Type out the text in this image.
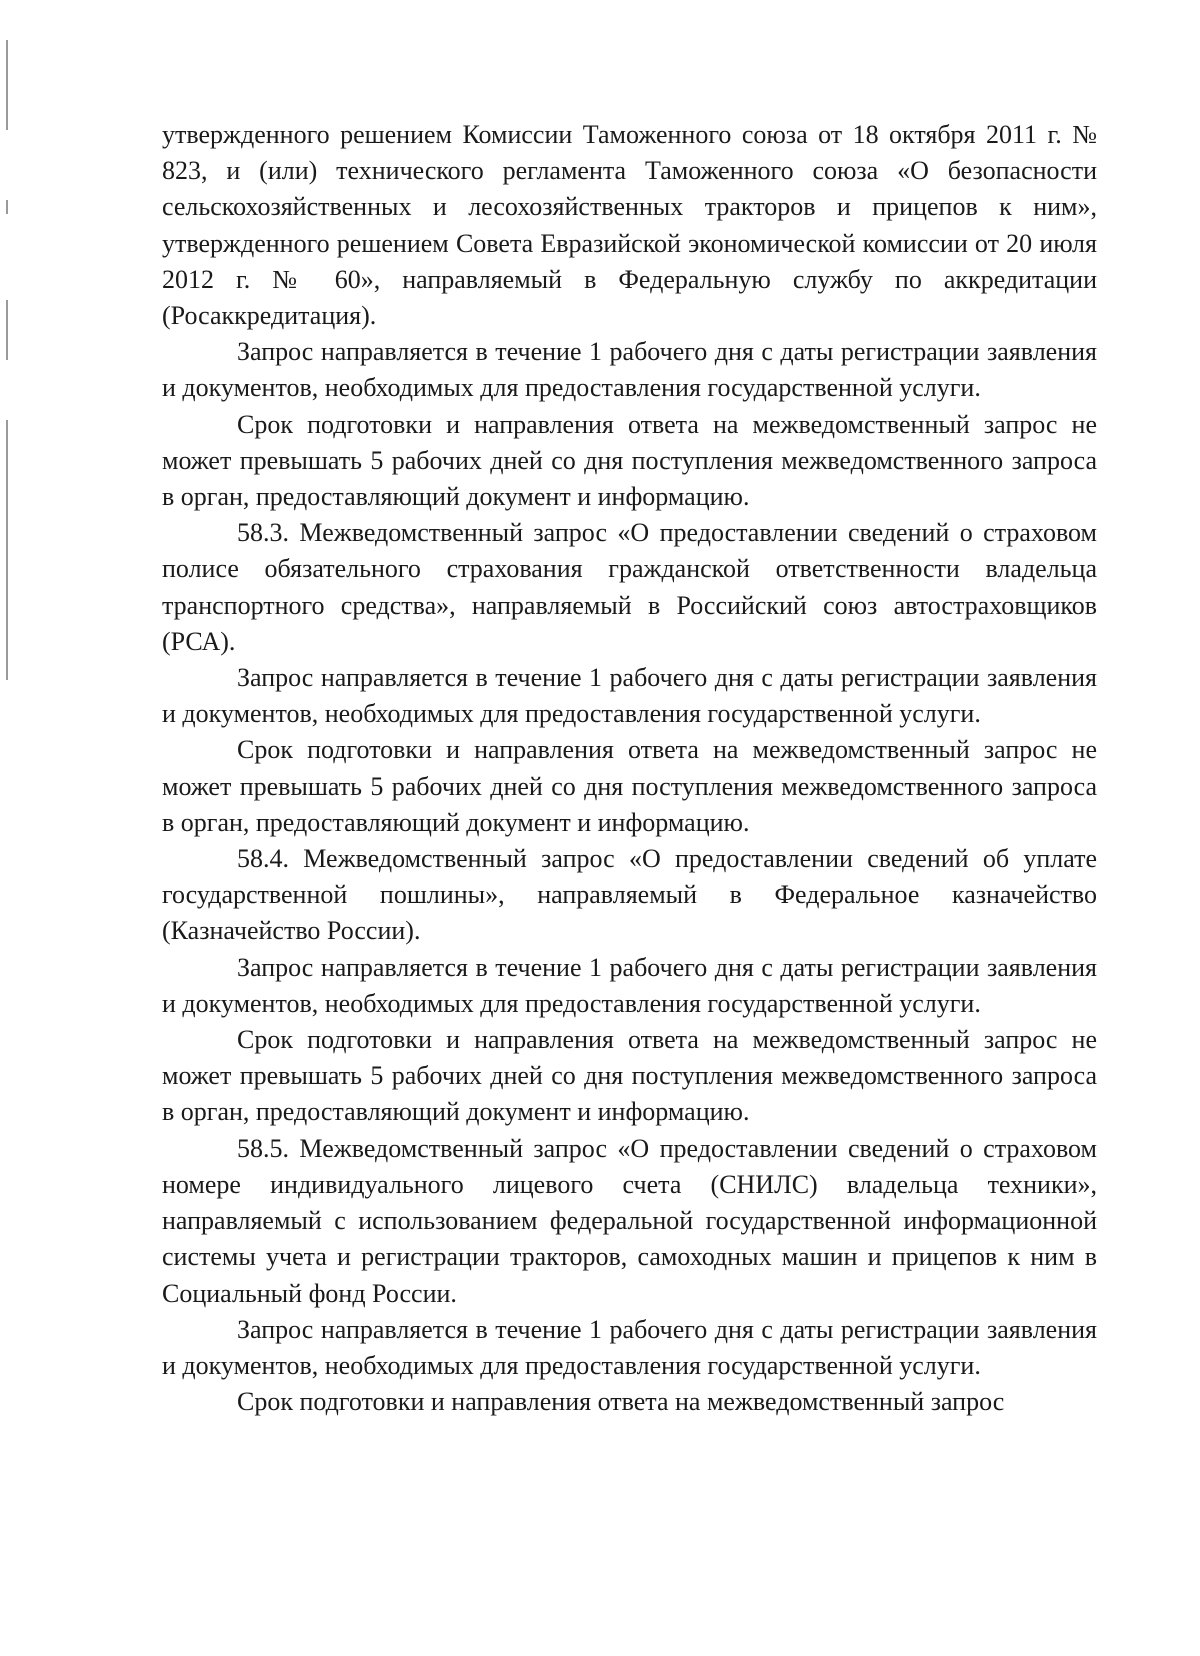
утвержденного решением Комиссии Таможенного союза от 18 октября 2011 г. № 823, и (или) технического регламента Таможенного союза «О безопасности сельскохозяйственных и лесохозяйственных тракторов и прицепов к ним», утвержденного решением Совета Евразийской экономической комиссии от 20 июля 2012 г. № 60», направляемый в Федеральную службу по аккредитации (Росаккредитация).

Запрос направляется в течение 1 рабочего дня с даты регистрации заявления и документов, необходимых для предоставления государственной услуги.

Срок подготовки и направления ответа на межведомственный запрос не может превышать 5 рабочих дней со дня поступления межведомственного запроса в орган, предоставляющий документ и информацию.

58.3. Межведомственный запрос «О предоставлении сведений о страховом полисе обязательного страхования гражданской ответственности владельца транспортного средства», направляемый в Российский союз автостраховщиков (РСА).

Запрос направляется в течение 1 рабочего дня с даты регистрации заявления и документов, необходимых для предоставления государственной услуги.

Срок подготовки и направления ответа на межведомственный запрос не может превышать 5 рабочих дней со дня поступления межведомственного запроса в орган, предоставляющий документ и информацию.

58.4. Межведомственный запрос «О предоставлении сведений об уплате государственной пошлины», направляемый в Федеральное казначейство (Казначейство России).

Запрос направляется в течение 1 рабочего дня с даты регистрации заявления и документов, необходимых для предоставления государственной услуги.

Срок подготовки и направления ответа на межведомственный запрос не может превышать 5 рабочих дней со дня поступления межведомственного запроса в орган, предоставляющий документ и информацию.

58.5. Межведомственный запрос «О предоставлении сведений о страховом номере индивидуального лицевого счета (СНИЛС) владельца техники», направляемый с использованием федеральной государственной информационной системы учета и регистрации тракторов, самоходных машин и прицепов к ним в Социальный фонд России.

Запрос направляется в течение 1 рабочего дня с даты регистрации заявления и документов, необходимых для предоставления государственной услуги.

Срок подготовки и направления ответа на межведомственный запрос
